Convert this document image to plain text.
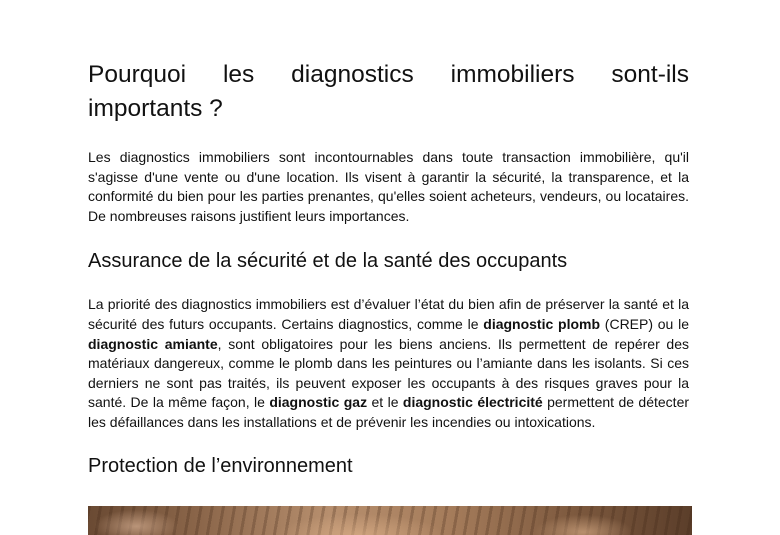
Pourquoi les diagnostics immobiliers sont-ils importants ?

Les diagnostics immobiliers sont incontournables dans toute transaction immobilière, qu'il s'agisse d'une vente ou d'une location. Ils visent à garantir la sécurité, la transparence, et la conformité du bien pour les parties prenantes, qu'elles soient acheteurs, vendeurs, ou locataires. De nombreuses raisons justifient leurs importances.

Assurance de la sécurité et de la santé des occupants

La priorité des diagnostics immobiliers est d’évaluer l’état du bien afin de préserver la santé et la sécurité des futurs occupants. Certains diagnostics, comme le diagnostic plomb (CREP) ou le diagnostic amiante, sont obligatoires pour les biens anciens. Ils permettent de repérer des matériaux dangereux, comme le plomb dans les peintures ou l’amiante dans les isolants. Si ces derniers ne sont pas traités, ils peuvent exposer les occupants à des risques graves pour la santé. De la même façon, le diagnostic gaz et le diagnostic électricité permettent de détecter les défaillances dans les installations et de prévenir les incendies ou intoxications.

Protection de l’environnement
